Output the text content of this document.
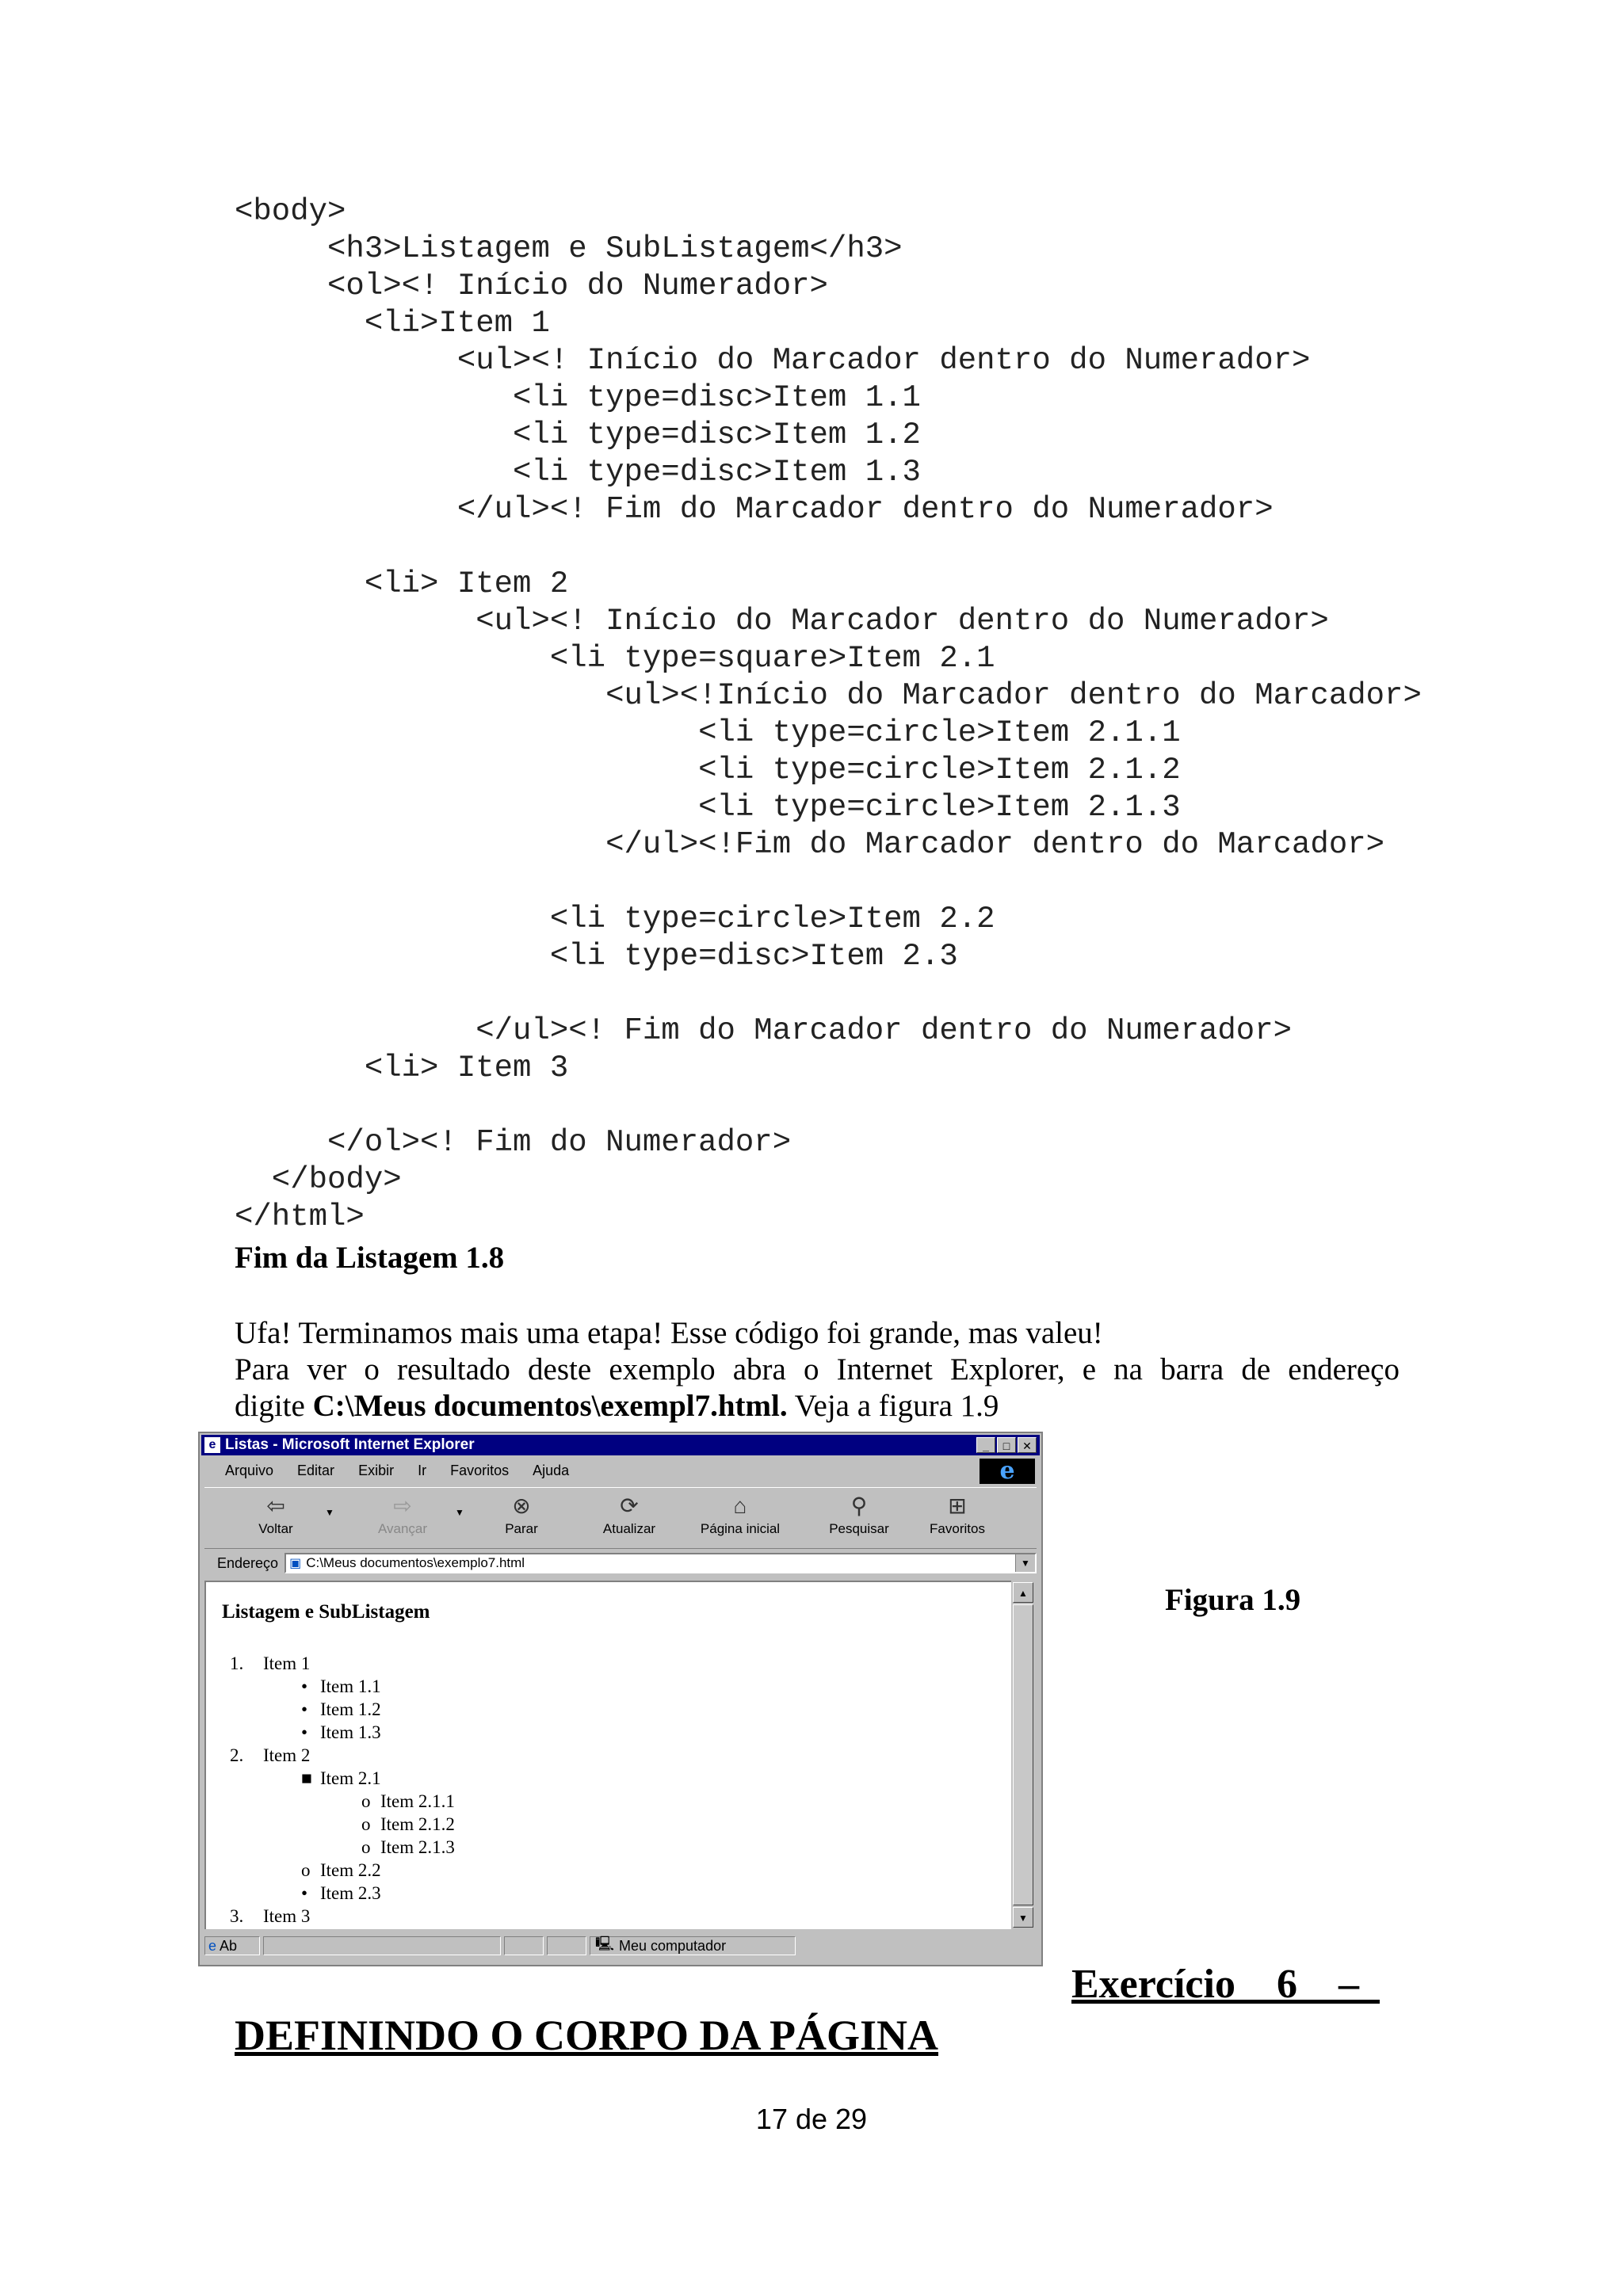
<body>
<h3>Listagem e SubListagem</h3>
<ol><! Início do Numerador>
<li>Item 1
<ul><! Início do Marcador dentro do Numerador>
<li type=disc>Item 1.1
<li type=disc>Item 1.2
<li type=disc>Item 1.3
</ul><! Fim do Marcador dentro do Numerador>
<li> Item 2
<ul><! Início do Marcador dentro do Numerador>
<li type=square>Item 2.1
<ul><!Início do Marcador dentro do Marcador>
<li type=circle>Item 2.1.1
<li type=circle>Item 2.1.2
<li type=circle>Item 2.1.3
</ul><!Fim do Marcador dentro do Marcador>
<li type=circle>Item 2.2
<li type=disc>Item 2.3
</ul><! Fim do Marcador dentro do Numerador>
<li> Item 3
</ol><! Fim do Numerador>
</body>
</html>
Fim da Listagem 1.8
Ufa! Terminamos mais uma etapa! Esse código foi grande, mas valeu!
Para ver o resultado deste exemplo abra o Internet Explorer, e na barra de endereço
digite C:\Meus documentos\exempl7.html. Veja a figura 1.9
e Listas - Microsoft Internet Explorer	_	□	✕
Arquivo Editar Exibir Ir Favoritos Ajuda	e
⇦
Voltar
▼	⇨
Avançar
▼	⊗
Parar
⟳
Atualizar
⌂
Página inicial
⚲
Pesquisar
⊞
Favoritos
Endereço ▣ C:\Meus documentos\exemplo7.html	▼
Listagem e SubListagem
1. Item 1
• Item 1.1
• Item 1.2
• Item 1.3
2. Item 2
■ Item 2.1
o Item 2.1.1
o Item 2.1.2
o Item 2.1.3
o Item 2.2
• Item 2.3
3. Item 3
▲
▼
e Ab	🖳 Meu computador
Figura 1.9
Exercício    6    –
DEFININDO O CORPO DA PÁGINA
17 de 29
